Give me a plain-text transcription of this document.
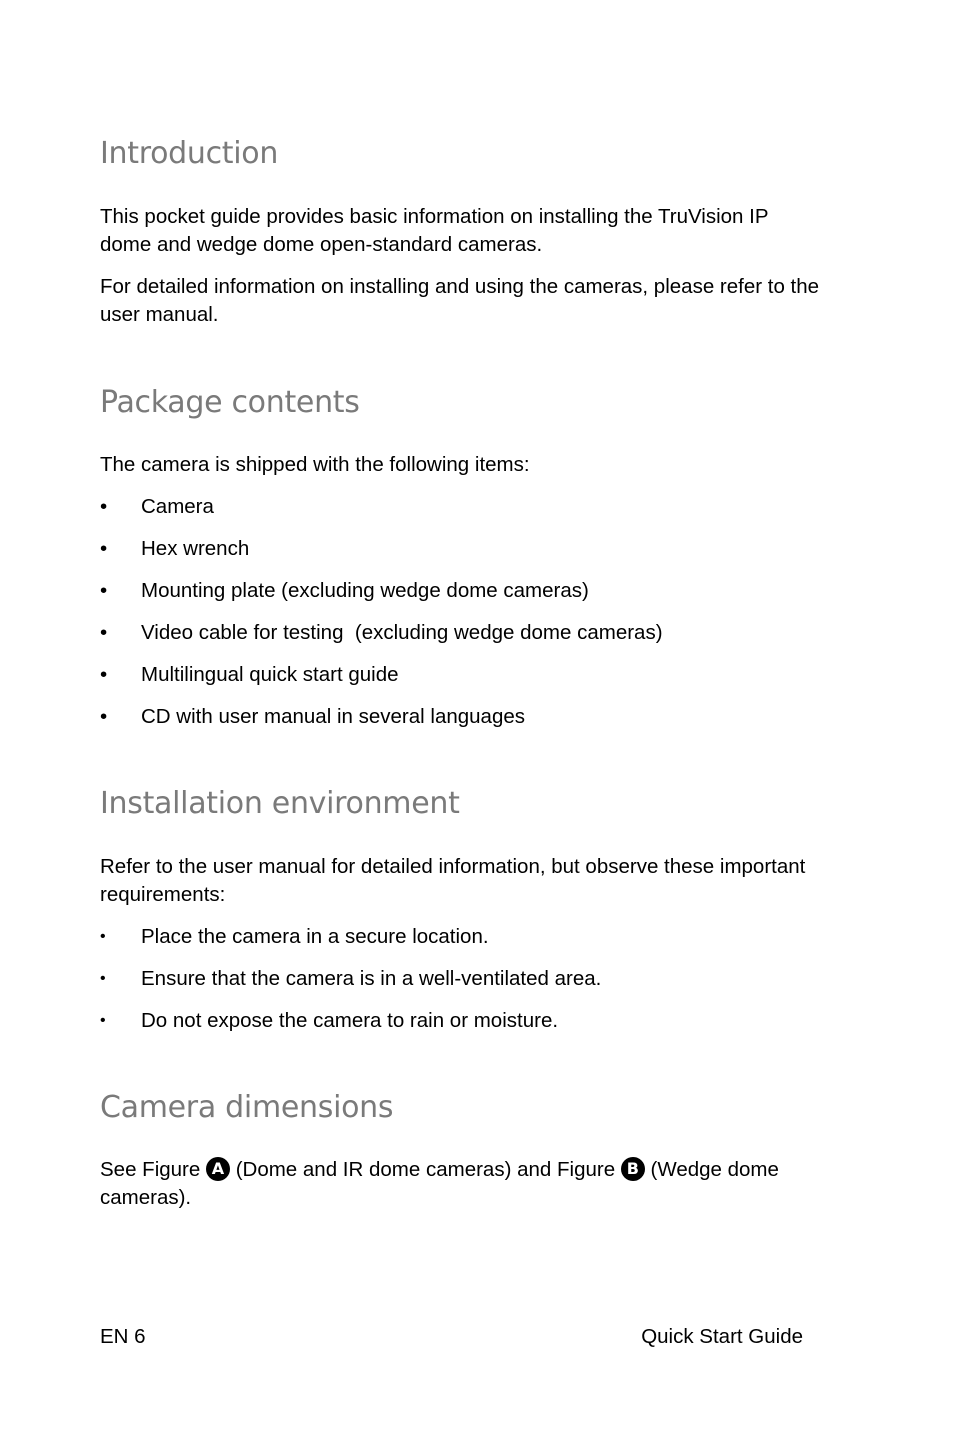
Introduction

This pocket guide provides basic information on installing the TruVision IP dome and wedge dome open-standard cameras.

For detailed information on installing and using the cameras, please refer to the user manual.

Package contents

The camera is shipped with the following items:

•	Camera
•	Hex wrench
•	Mounting plate (excluding wedge dome cameras)
•	Video cable for testing  (excluding wedge dome cameras)
•	Multilingual quick start guide
•	CD with user manual in several languages
Installation environment

Refer to the user manual for detailed information, but observe these important requirements:

•	Place the camera in a secure location.
•	Ensure that the camera is in a well-ventilated area.
•	Do not expose the camera to rain or moisture.
Camera dimensions

See Figure A (Dome and IR dome cameras) and Figure B (Wedge dome cameras).

EN 6	Quick Start Guide
